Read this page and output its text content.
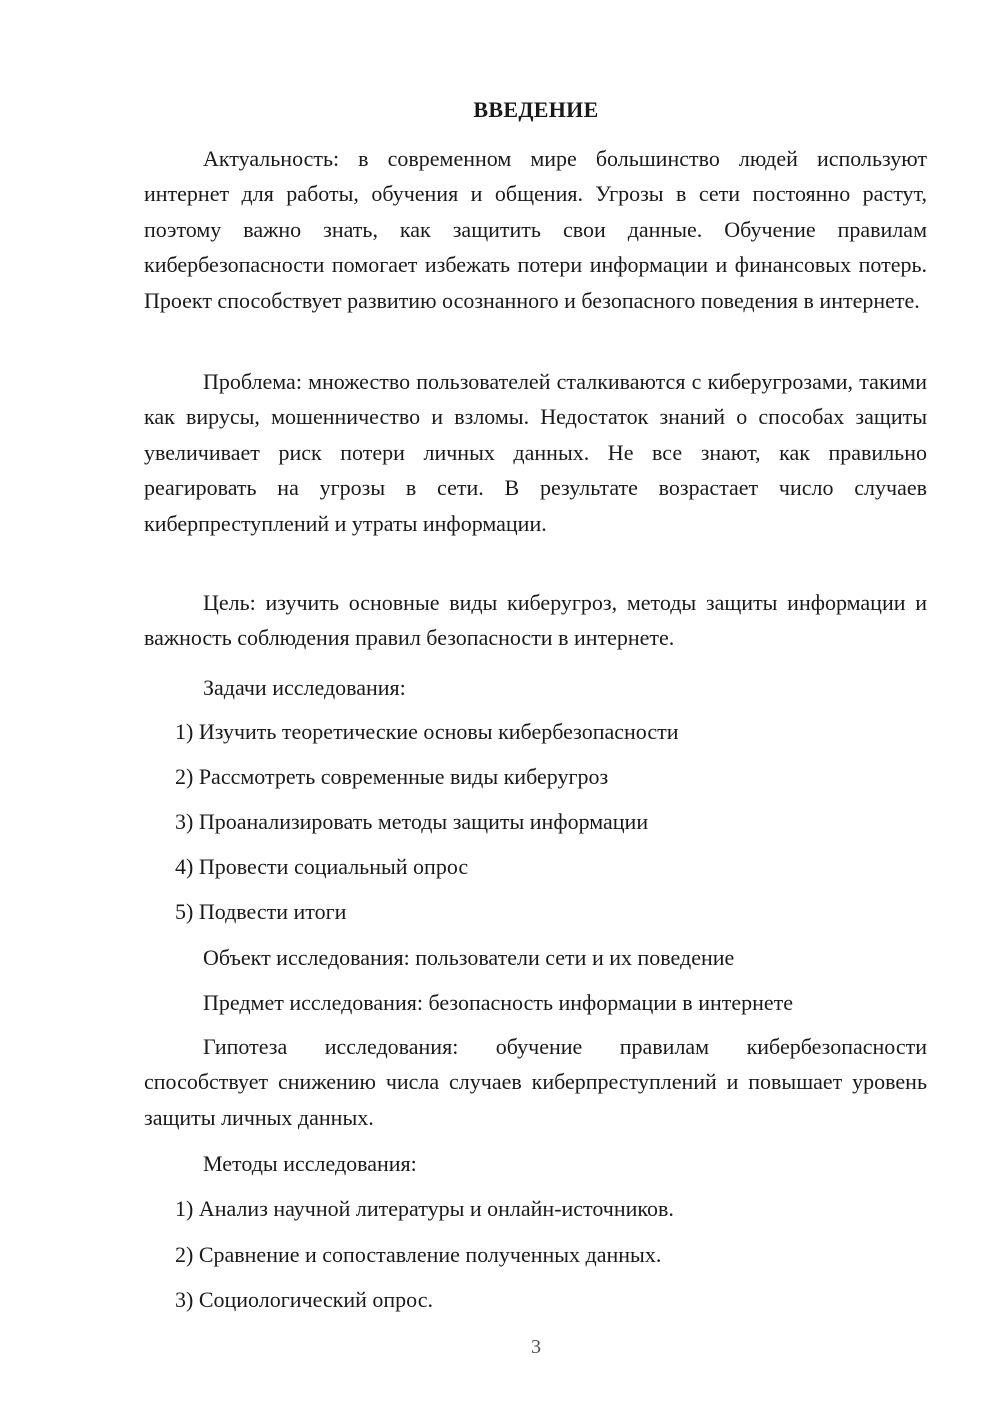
ВВЕДЕНИЕ

Актуальность: в современном мире большинство людей используют интернет для работы, обучения и общения. Угрозы в сети постоянно растут, поэтому важно знать, как защитить свои данные. Обучение правилам кибербезопасности помогает избежать потери информации и финансовых потерь. Проект способствует развитию осознанного и безопасного поведения в интернете.

Проблема: множество пользователей сталкиваются с киберугрозами, такими как вирусы, мошенничество и взломы. Недостаток знаний о способах защиты увеличивает риск потери личных данных. Не все знают, как правильно реагировать на угрозы в сети. В результате возрастает число случаев киберпреступлений и утраты информации.

Цель: изучить основные виды киберугроз, методы защиты информации и важность соблюдения правил безопасности в интернете.

Задачи исследования:
1) Изучить теоретические основы кибербезопасности
2) Рассмотреть современные виды киберугроз
3) Проанализировать методы защиты информации
4) Провести социальный опрос
5) Подвести итоги
Объект исследования: пользователи сети и их поведение
Предмет исследования: безопасность информации в интернете

Гипотеза исследования: обучение правилам кибербезопасности способствует снижению числа случаев киберпреступлений и повышает уровень защиты личных данных.

Методы исследования:
1) Анализ научной литературы и онлайн-источников.
2) Сравнение и сопоставление полученных данных.
3) Социологический опрос.
3
